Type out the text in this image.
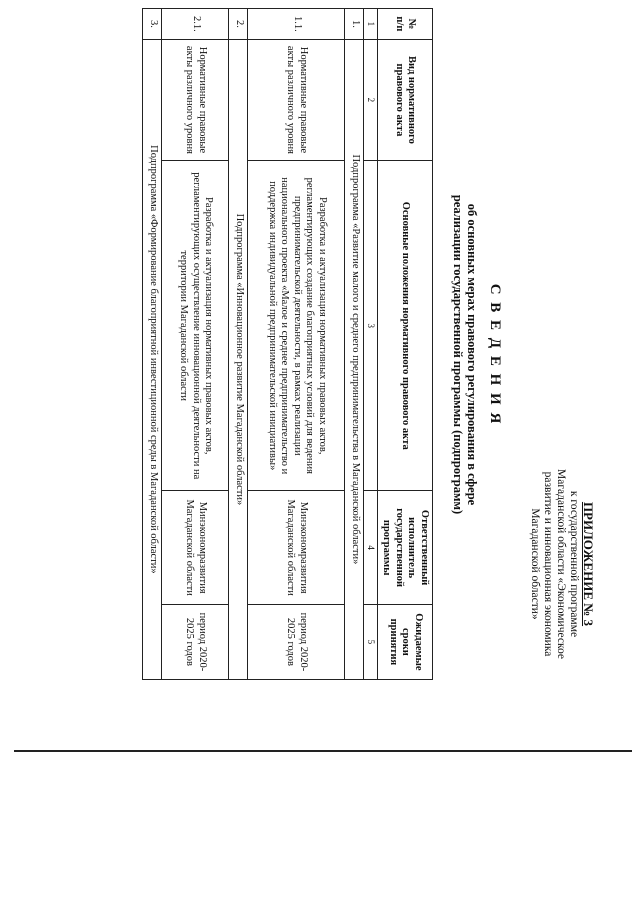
ПРИЛОЖЕНИЕ № 3
к государственной программе
Магаданской области «Экономическое
развитие и инновационная экономика
Магаданской области»
С В Е Д Е Н И Я
об основных мерах правового регулирования в сфере
реализации государственной программы (подпрограмм)
№ п/п	Вид нормативного правового акта	Основные положения нормативного правового акта	Ответственный исполнитель государственной программы	Ожидаемые сроки принятия
1	2	3	4	5
1.	Подпрограмма «Развитие малого и среднего предпринимательства в Магаданской области»			
1.1.	Нормативные правовые акты различного уровня	Разработка и актуализация нормативных правовых актов, регламентирующих создание благоприятных условий для ведения предпринимательской деятельности, в рамках реализации национального проекта «Малое и среднее предпринимательство и поддержка индивидуальной предпринимательской инициативы»	Минэкономразвития Магаданской области	период 2020-2025 годов
2.	Подпрограмма «Инновационное развитие Магаданской области»			
2.1.	Нормативные правовые акты различного уровня	Разработка и актуализация нормативных правовых актов, регламентирующих осуществление инновационной деятельности на территории Магаданской области	Минэкономразвития Магаданской области	период 2020-2025 годов
3.	Подпрограмма «Формирование благоприятной инвестиционной среды в Магаданской области»			
